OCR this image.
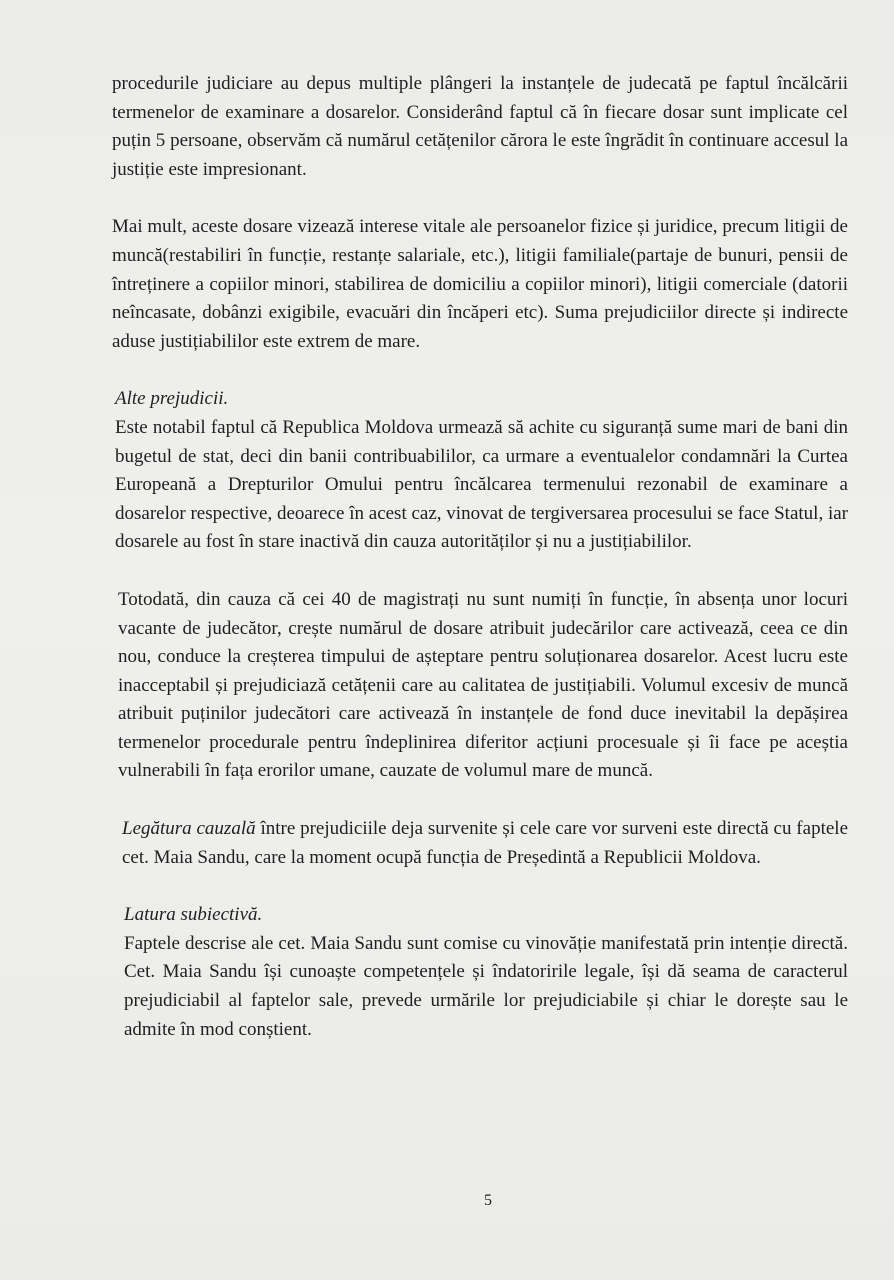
procedurile judiciare au depus multiple plângeri la instanțele de judecată pe faptul încălcării termenelor de examinare a dosarelor. Considerând faptul că în fiecare dosar sunt implicate cel puțin 5 persoane, observăm că numărul cetățenilor cărora le este îngrădit în continuare accesul la justiție este impresionant.

Mai mult, aceste dosare vizează interese vitale ale persoanelor fizice și juridice, precum litigii de muncă(restabiliri în funcție, restanțe salariale, etc.), litigii familiale(partaje de bunuri, pensii de întreținere a copiilor minori, stabilirea de domiciliu a copiilor minori), litigii comerciale (datorii neîncasate, dobânzi exigibile, evacuări din încăperi etc). Suma prejudiciilor directe și indirecte aduse justițiabililor este extrem de mare.

Alte prejudicii.

Este notabil faptul că Republica Moldova urmează să achite cu siguranță sume mari de bani din bugetul de stat, deci din banii contribuabililor, ca urmare a eventualelor condamnări la Curtea Europeană a Drepturilor Omului pentru încălcarea termenului rezonabil de examinare a dosarelor respective, deoarece în acest caz, vinovat de tergiversarea procesului se face Statul, iar dosarele au fost în stare inactivă din cauza autorităților și nu a justițiabililor.

Totodată, din cauza că cei 40 de magistrați nu sunt numiți în funcție, în absența unor locuri vacante de judecător, crește numărul de dosare atribuit judecărilor care activează, ceea ce din nou, conduce la creșterea timpului de așteptare pentru soluționarea dosarelor. Acest lucru este inacceptabil și prejudiciază cetățenii care au calitatea de justițiabili. Volumul excesiv de muncă atribuit puținilor judecători care activează în instanțele de fond duce inevitabil la depășirea termenelor procedurale pentru îndeplinirea diferitor acțiuni procesuale și îi face pe aceștia vulnerabili în fața erorilor umane, cauzate de volumul mare de muncă.

Legătura cauzală între prejudiciile deja survenite și cele care vor surveni este directă cu faptele cet. Maia Sandu, care la moment ocupă funcția de Președintă a Republicii Moldova.

Latura subiectivă.

Faptele descrise ale cet. Maia Sandu sunt comise cu vinovăție manifestată prin intenție directă. Cet. Maia Sandu își cunoaște competențele și îndatoririle legale, își dă seama de caracterul prejudiciabil al faptelor sale, prevede urmările lor prejudiciabile și chiar le dorește sau le admite în mod conștient.

5
